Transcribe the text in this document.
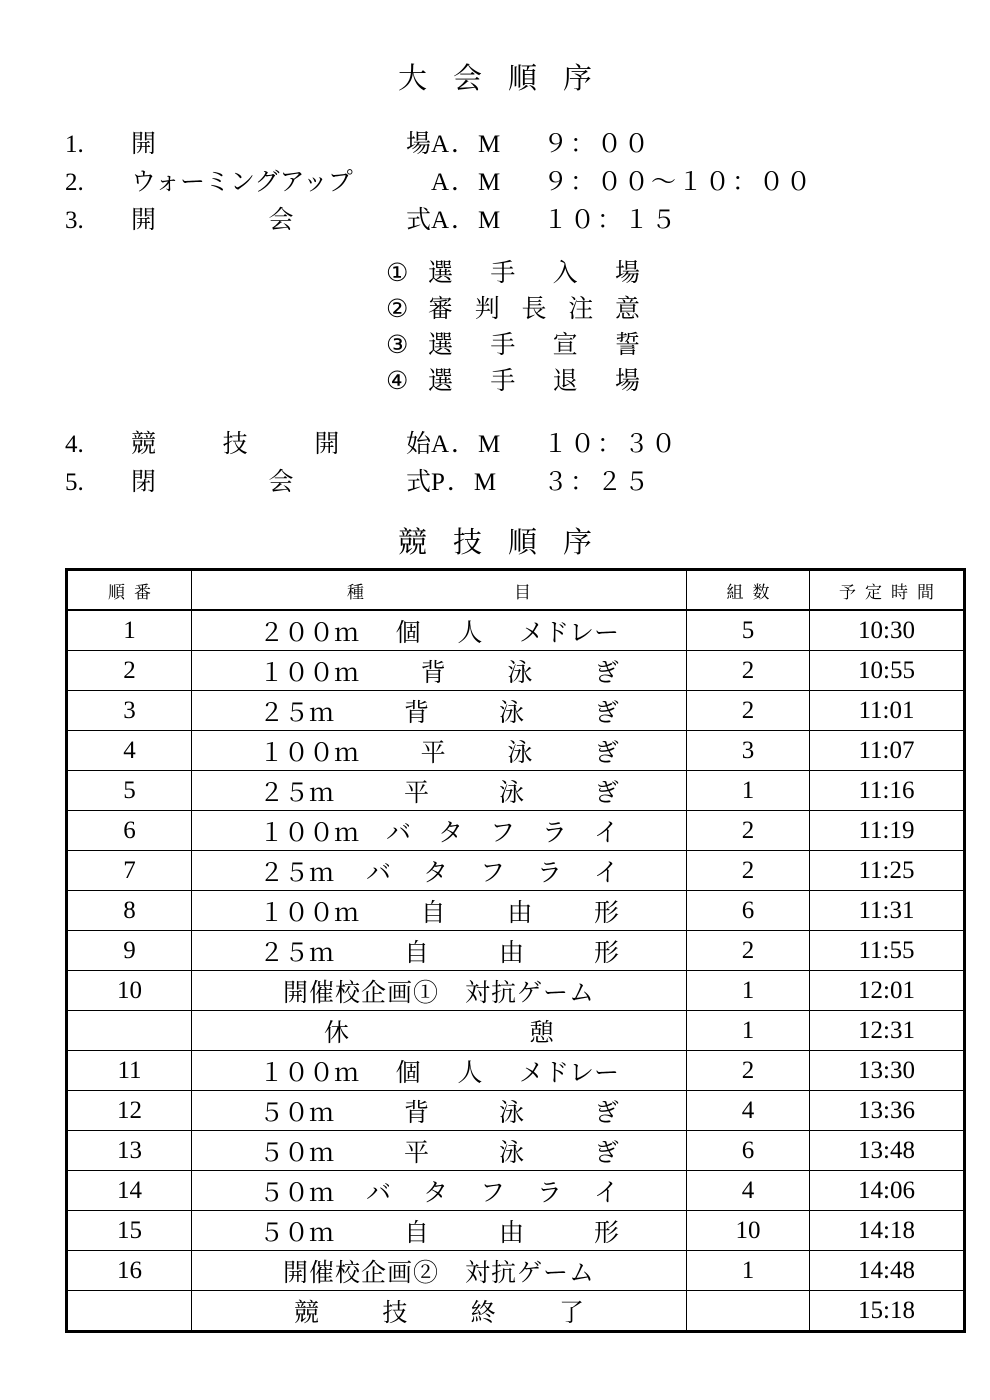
大会順序
1.	開	場 A．M	９：００
2.	ウォーミングアップ	A．M	９：００〜１０：００
3.	開	会	式 A．M	１０：１５
① 選 手 入 場
② 審 判 長 注 意
③ 選 手 宣 誓
④ 選 手 退 場
4.	競	技	開	始 A．M	１０：３０
5.	閉	会	式 P．M	３：２５
競技順序
順番	種 目	組数	予定時間
1	２００ｍ 個 人 メドレー	5	10:30
2	１００ｍ 背 泳 ぎ	2	10:55
3	２５ｍ 背 泳 ぎ	2	11:01
4	１００ｍ 平 泳 ぎ	3	11:07
5	２５ｍ 平 泳 ぎ	1	11:16
6	１００ｍ バ タ フ ラ イ	2	11:19
7	２５ｍ バ タ フ ラ イ	2	11:25
8	１００ｍ 自 由 形	6	11:31
9	２５ｍ 自 由 形	2	11:55
10	開催校企画①　対抗ゲーム	1	12:01

	休 憩	1	12:31
11	１００ｍ 個 人 メドレー	2	13:30
12	５０ｍ 背 泳 ぎ	4	13:36
13	５０ｍ 平 泳 ぎ	6	13:48
14	５０ｍ バ タ フ ラ イ	4	14:06
15	５０ｍ 自 由 形	10	14:18
16	開催校企画②　対抗ゲーム	1	14:48

	競 技 終 了		15:18
